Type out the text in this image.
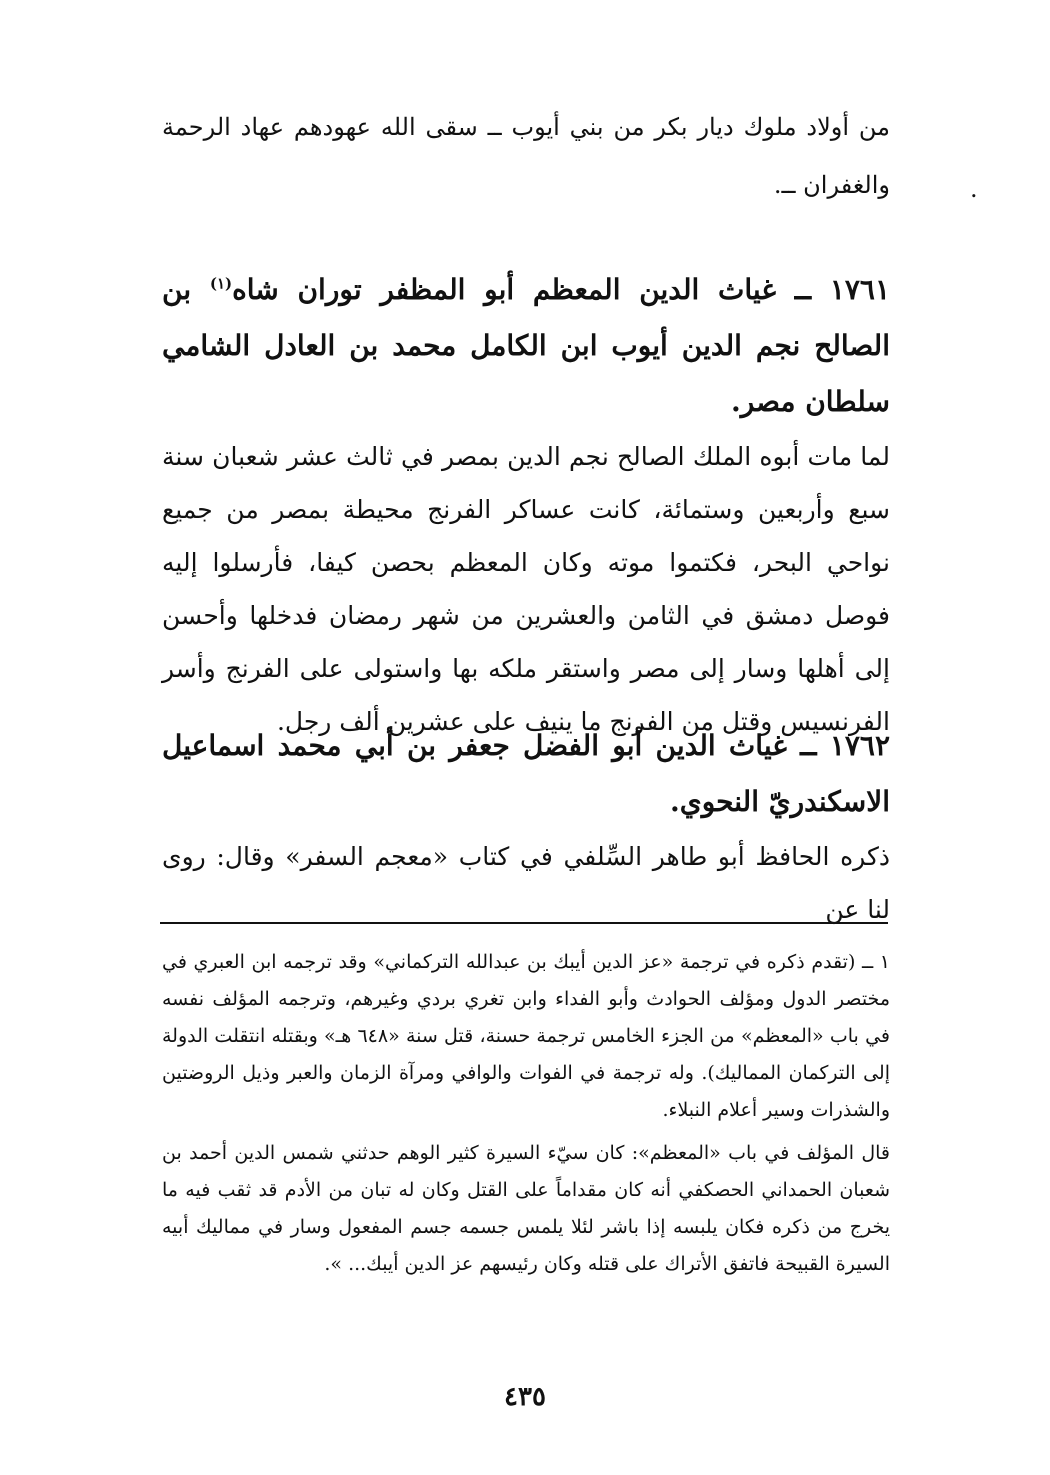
من أولاد ملوك ديار بكر من بني أيوب ــ سقى الله عهودهم عهاد الرحمة والغفران ــ.	.
١٧٦١ ــ غياث الدين المعظم أبو المظفر توران شاه$^{(١)}$ بن الصالح نجم الدين أيوب ابن الكامل محمد بن العادل الشامي سلطان مصر.
لما مات أبوه الملك الصالح نجم الدين بمصر في ثالث عشر شعبان سنة سبع وأربعين وستمائة، كانت عساكر الفرنج محيطة بمصر من جميع نواحي البحر، فكتموا موته وكان المعظم بحصن كيفا، فأرسلوا إليه فوصل دمشق في الثامن والعشرين من شهر رمضان فدخلها وأحسن إلى أهلها وسار إلى مصر واستقر ملكه بها واستولى على الفرنج وأسر الفرنسيس وقتل من الفرنج ما ينيف على عشرين ألف رجل.
١٧٦٢ ــ غياث الدين أبو الفضل جعفر بن أبي محمد اسماعيل الاسكندريّ النحوي.
ذكره الحافظ أبو طاهر السِّلفي في كتاب «معجم السفر» وقال: روى لنا عن

١ ــ (تقدم ذكره في ترجمة «عز الدين أيبك بن عبدالله التركماني» وقد ترجمه ابن العبري في مختصر الدول ومؤلف الحوادث وأبو الفداء وابن تغري بردي وغيرهم، وترجمه المؤلف نفسه في باب «المعظم» من الجزء الخامس ترجمة حسنة، قتل سنة «٦٤٨ هـ» وبقتله انتقلت الدولة إلى التركمان المماليك). وله ترجمة في الفوات والوافي ومرآة الزمان والعبر وذيل الروضتين والشذرات وسير أعلام النبلاء.

قال المؤلف في باب «المعظم»: كان سيّء السيرة كثير الوهم حدثني شمس الدين أحمد بن شعبان الحمداني الحصكفي أنه كان مقداماً على القتل وكان له تبان من الأدم قد ثقب فيه ما يخرج من ذكره فكان يلبسه إذا باشر لئلا يلمس جسمه جسم المفعول وسار في مماليك أبيه السيرة القبيحة فاتفق الأتراك على قتله وكان رئيسهم عز الدين أيبك... ».

٤٣٥
